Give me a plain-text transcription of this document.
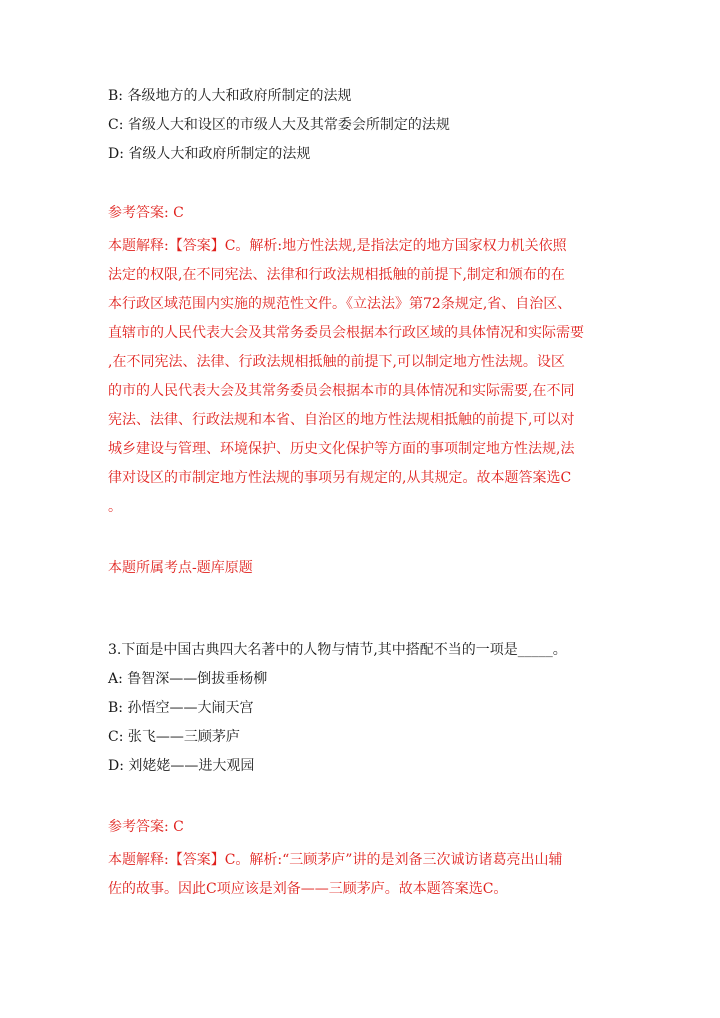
B: 各级地方的人大和政府所制定的法规

C: 省级人大和设区的市级人大及其常委会所制定的法规

D: 省级人大和政府所制定的法规

参考答案: C

本题解释:【答案】C。解析:地方性法规,是指法定的地方国家权力机关依照

法定的权限,在不同宪法、法律和行政法规相抵触的前提下,制定和颁布的在

本行政区域范围内实施的规范性文件。《立法法》第72条规定,省、自治区、

直辖市的人民代表大会及其常务委员会根据本行政区域的具体情况和实际需要

,在不同宪法、法律、行政法规相抵触的前提下,可以制定地方性法规。设区

的市的人民代表大会及其常务委员会根据本市的具体情况和实际需要,在不同

宪法、法律、行政法规和本省、自治区的地方性法规相抵触的前提下,可以对

城乡建设与管理、环境保护、历史文化保护等方面的事项制定地方性法规,法

律对设区的市制定地方性法规的事项另有规定的,从其规定。故本题答案选C

。

本题所属考点-题库原题

3.下面是中国古典四大名著中的人物与情节,其中搭配不当的一项是_____。

A: 鲁智深——倒拔垂杨柳

B: 孙悟空——大闹天宫

C: 张飞——三顾茅庐

D: 刘姥姥——进大观园

参考答案: C

本题解释:【答案】C。解析:“三顾茅庐”讲的是刘备三次诚访诸葛亮出山辅

佐的故事。因此C项应该是刘备——三顾茅庐。故本题答案选C。
